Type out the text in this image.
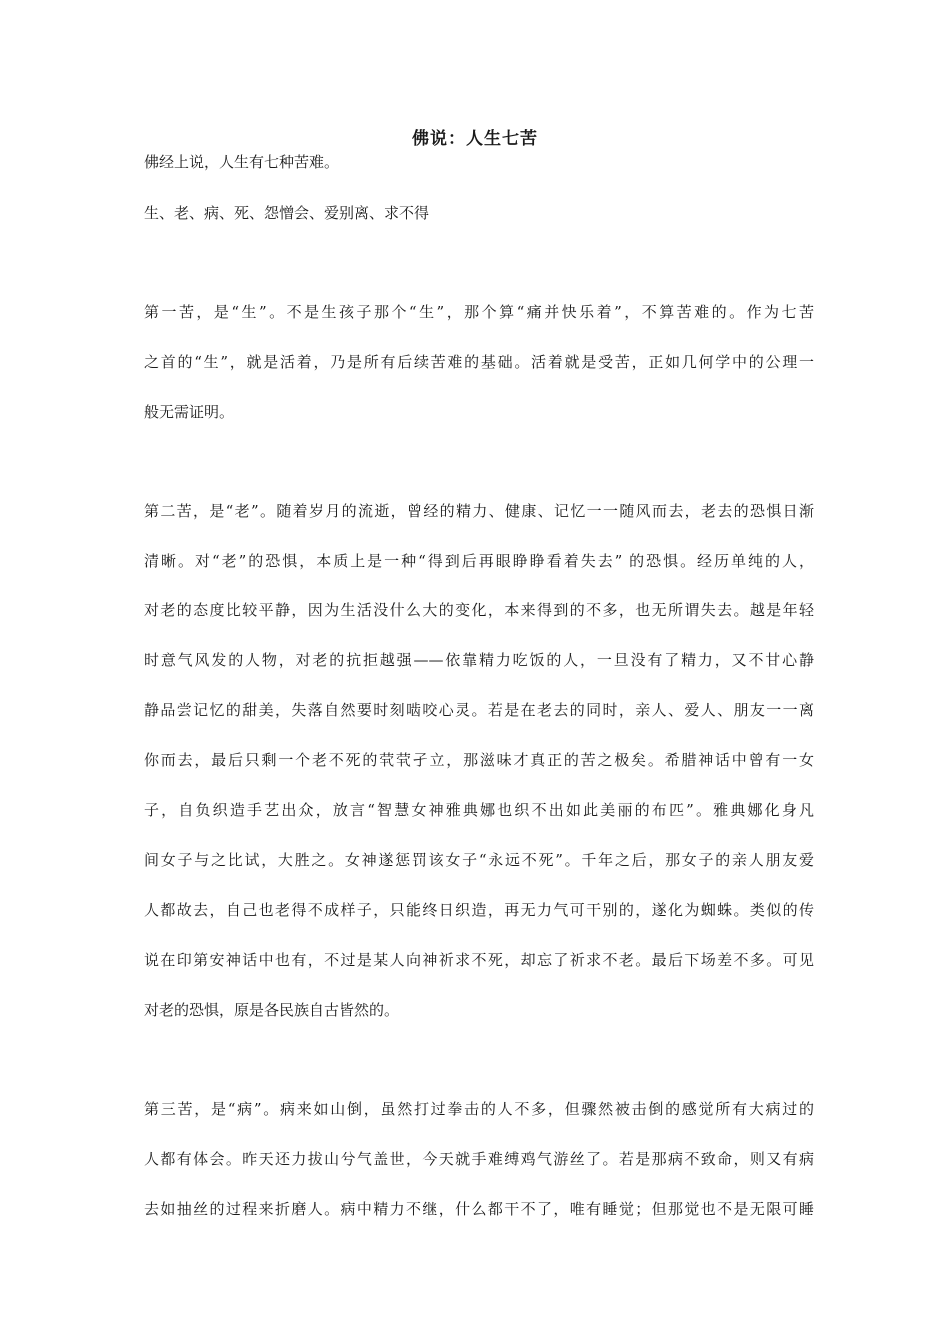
佛说：人生七苦

佛经上说，人生有七种苦难。

生、老、病、死、怨憎会、爱别离、求不得

第一苦，是“生”。不是生孩子那个“生”，那个算“痛并快乐着”，不算苦难的。作为七苦

之首的“生”，就是活着，乃是所有后续苦难的基础。活着就是受苦，正如几何学中的公理一

般无需证明。

第二苦，是“老”。随着岁月的流逝，曾经的精力、健康、记忆一一随风而去，老去的恐惧日渐

清晰。对“老”的恐惧，本质上是一种“得到后再眼睁睁看着失去” 的恐惧。经历单纯的人，

对老的态度比较平静，因为生活没什么大的变化，本来得到的不多，也无所谓失去。越是年轻

时意气风发的人物，对老的抗拒越强——依靠精力吃饭的人，一旦没有了精力，又不甘心静

静品尝记忆的甜美，失落自然要时刻啮咬心灵。若是在老去的同时，亲人、爱人、朋友一一离

你而去，最后只剩一个老不死的茕茕孑立，那滋味才真正的苦之极矣。希腊神话中曾有一女

子，自负织造手艺出众，放言“智慧女神雅典娜也织不出如此美丽的布匹”。雅典娜化身凡

间女子与之比试，大胜之。女神遂惩罚该女子“永远不死”。千年之后，那女子的亲人朋友爱

人都故去，自己也老得不成样子，只能终日织造，再无力气可干别的，遂化为蜘蛛。类似的传

说在印第安神话中也有，不过是某人向神祈求不死，却忘了祈求不老。最后下场差不多。可见

对老的恐惧，原是各民族自古皆然的。

第三苦，是“病”。病来如山倒，虽然打过拳击的人不多，但骤然被击倒的感觉所有大病过的

人都有体会。昨天还力拔山兮气盖世，今天就手难缚鸡气游丝了。若是那病不致命，则又有病

去如抽丝的过程来折磨人。病中精力不继，什么都干不了，唯有睡觉；但那觉也不是无限可睡
